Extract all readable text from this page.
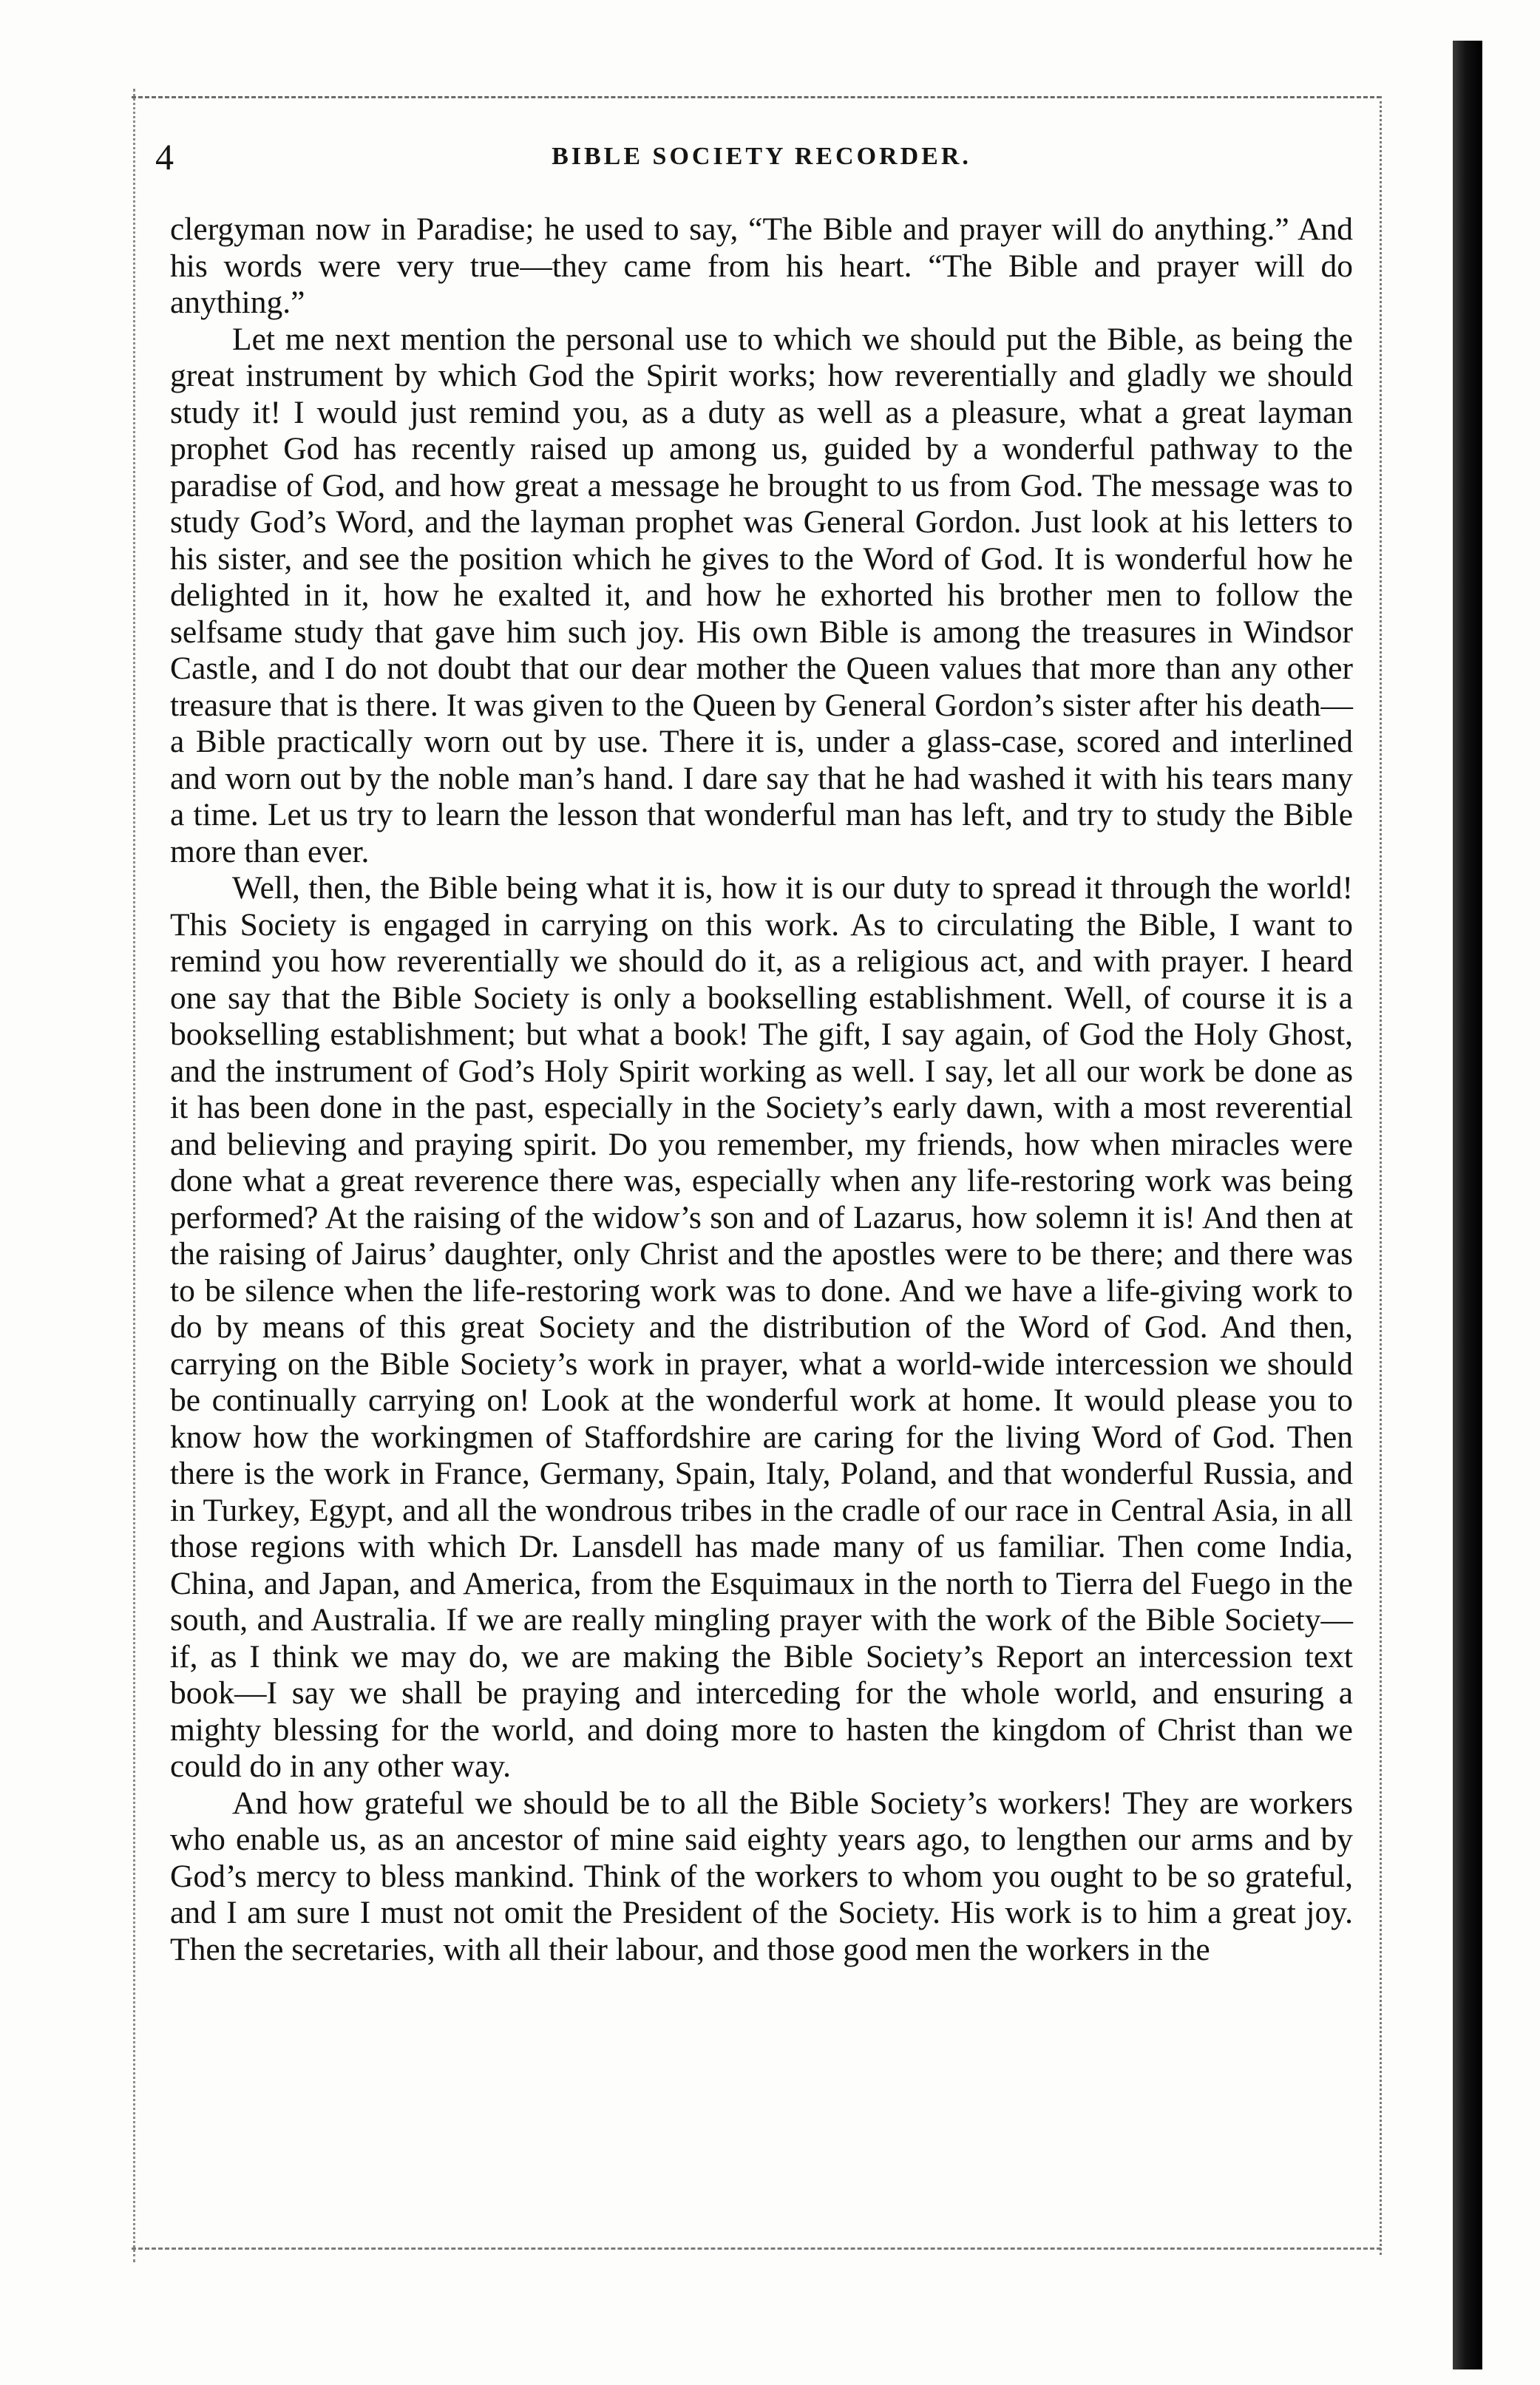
4	BIBLE SOCIETY RECORDER.

clergyman now in Paradise; he used to say, “The Bible and prayer will do anything.” And his words were very true—they came from his heart. “The Bible and prayer will do anything.”

Let me next mention the personal use to which we should put the Bible, as being the great instrument by which God the Spirit works; how reverentially and gladly we should study it! I would just remind you, as a duty as well as a pleasure, what a great layman prophet God has recently raised up among us, guided by a wonderful pathway to the paradise of God, and how great a message he brought to us from God. The message was to study God’s Word, and the layman prophet was General Gordon. Just look at his letters to his sister, and see the position which he gives to the Word of God. It is wonderful how he delighted in it, how he exalted it, and how he exhorted his brother men to follow the selfsame study that gave him such joy. His own Bible is among the treasures in Windsor Castle, and I do not doubt that our dear mother the Queen values that more than any other treasure that is there. It was given to the Queen by General Gordon’s sister after his death—a Bible practically worn out by use. There it is, under a glass-case, scored and interlined and worn out by the noble man’s hand. I dare say that he had washed it with his tears many a time. Let us try to learn the lesson that wonderful man has left, and try to study the Bible more than ever.

Well, then, the Bible being what it is, how it is our duty to spread it through the world! This Society is engaged in carrying on this work. As to circulating the Bible, I want to remind you how reverentially we should do it, as a religious act, and with prayer. I heard one say that the Bible Society is only a bookselling establishment. Well, of course it is a bookselling establishment; but what a book! The gift, I say again, of God the Holy Ghost, and the instrument of God’s Holy Spirit working as well. I say, let all our work be done as it has been done in the past, especially in the Society’s early dawn, with a most reverential and believing and praying spirit. Do you remember, my friends, how when miracles were done what a great reverence there was, especially when any life-restoring work was being performed? At the raising of the widow’s son and of Lazarus, how solemn it is! And then at the raising of Jairus’ daughter, only Christ and the apostles were to be there; and there was to be silence when the life-restoring work was to done. And we have a life-giving work to do by means of this great Society and the distribution of the Word of God. And then, carrying on the Bible Society’s work in prayer, what a world-wide intercession we should be continually carrying on! Look at the wonderful work at home. It would please you to know how the workingmen of Staffordshire are caring for the living Word of God. Then there is the work in France, Germany, Spain, Italy, Poland, and that wonderful Russia, and in Turkey, Egypt, and all the wondrous tribes in the cradle of our race in Central Asia, in all those regions with which Dr. Lansdell has made many of us familiar. Then come India, China, and Japan, and America, from the Esquimaux in the north to Tierra del Fuego in the south, and Australia. If we are really mingling prayer with the work of the Bible Society—if, as I think we may do, we are making the Bible Society’s Report an intercession text book—I say we shall be praying and interceding for the whole world, and ensuring a mighty blessing for the world, and doing more to hasten the kingdom of Christ than we could do in any other way.

And how grateful we should be to all the Bible Society’s workers! They are workers who enable us, as an ancestor of mine said eighty years ago, to lengthen our arms and by God’s mercy to bless mankind. Think of the workers to whom you ought to be so grateful, and I am sure I must not omit the President of the Society. His work is to him a great joy. Then the secretaries, with all their labour, and those good men the workers in the
